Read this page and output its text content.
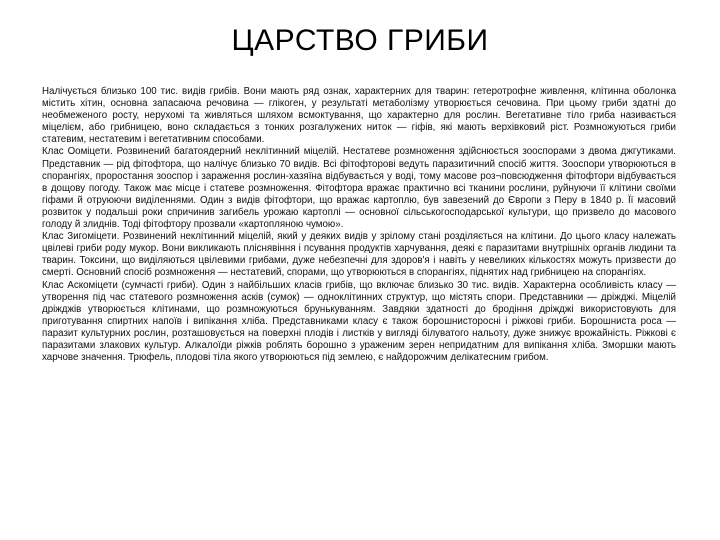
ЦАРСТВО ГРИБИ

Налічується близько 100 тис. видів грибів. Вони мають ряд ознак, характерних для тварин: гетеротрофне живлення, клітинна оболонка містить хітин, основна запасаюча речовина — глікоген, у результаті метаболізму утворюється сечовина. При цьому гриби здатні до необмеженого росту, нерухомі та живляться шляхом всмоктування, що характерно для рослин. Вегетативне тіло гриба називається міцелієм, або грибницею, воно складається з тонких розгалужених ниток — гіфів, які мають верхівковий ріст. Розмножуються гриби статевим, нестатевим і вегетативним способами.

Клас Ооміцети. Розвинений багатоядерний неклітинний міцелій. Нестатеве розмноження здійснюється зооспорами з двома джгутиками. Представник — рід фітофтора, що налічує близько 70 видів. Всі фітофторові ведуть паразитичний спосіб життя. Зооспори утворюються в спорангіях, проростання зооспор і зараження рослин-хазяїна відбувається у воді, тому масове роз¬повсюдження фітофтори відбувається в дощову погоду. Також має місце і статеве розмноження. Фітофтора вражає практично всі тканини рослини, руйнуючи її клітини своїми гіфами й отруюючи виділеннями. Один з видів фітофтори, що вражає картоплю, був завезений до Європи з Перу в 1840 р. Її масовий розвиток у подальші роки спричинив загибель урожаю картоплі — основної сільськогосподарської культури, що призвело до масового голоду й злиднів. Тоді фітофтору прозвали «картопляною чумою».

Клас Зигоміцети. Розвинений неклітинний міцелій, який у деяких видів у зрілому стані розділяється на клітини. До цього класу належать цвілеві гриби роду мукор. Вони викликають пліснявіння і псування продуктів харчування, деякі є паразитами внутрішніх органів людини та тварин. Токсини, що виділяються цвілевими грибами, дуже небезпечні для здоров'я і навіть у невеликих кількостях можуть призвести до смерті. Основний спосіб розмноження — нестатевий, спорами, що утворюються в спорангіях, піднятих над грибницею на спорангіях.

Клас Аскоміцети (сумчасті гриби). Один з найбільших класів грибів, що включає близько 30 тис. видів. Характерна особливість класу — утворення під час статевого розмноження асків (сумок) — одноклітинних структур, що містять спори. Представники — дріжджі. Міцелій дріжджів утворюється клітинами, що розмножуються брунькуванням. Завдяки здатності до бродіння дріжджі використовують для приготування спиртних напоїв і випікання хліба. Представниками класу є також борошнисторосні і ріжкові гриби. Борошниста роса — паразит культурних рослин, розташовується на поверхні плодів і листків у вигляді білуватого нальоту, дуже знижує врожайність. Ріжкові є паразитами злакових культур. Алкалоїди ріжків роблять борошно з ураженим зерен непридатним для випікання хліба. Зморшки мають харчове значення. Трюфель, плодові тіла якого утворюються під землею, є найдорожчим делікатесним грибом.
